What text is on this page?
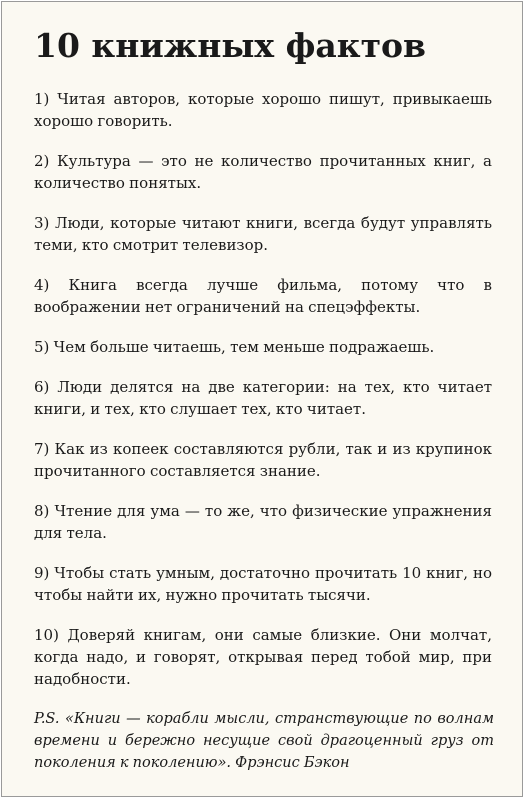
10 книжных фактов

1) Читая авторов, которые хорошо пишут, привыкаешь хорошо говорить.

2) Культура — это не количество прочитанных книг, а количество понятых.

3) Люди, которые читают книги, всегда будут управлять теми, кто смотрит телевизор.

4) Книга всегда лучше фильма, потому что в воображении нет ограничений на спецэффекты.

5) Чем больше читаешь, тем меньше подражаешь.

6) Люди делятся на две категории: на тех, кто читает книги, и тех, кто слушает тех, кто читает.

7) Как из копеек составляются рубли, так и из крупинок прочитанного составляется знание.

8) Чтение для ума — то же, что физические упражнения для тела.

9) Чтобы стать умным, достаточно прочитать 10 книг, но чтобы найти их, нужно прочитать тысячи.

10) Доверяй книгам, они самые близкие. Они молчат, когда надо, и говорят, открывая перед тобой мир, при надобности.

P.S. «Книги — корабли мысли, странствующие по волнам времени и бережно несущие свой драгоценный груз от поколения к поколению». Фрэнсис Бэкон
